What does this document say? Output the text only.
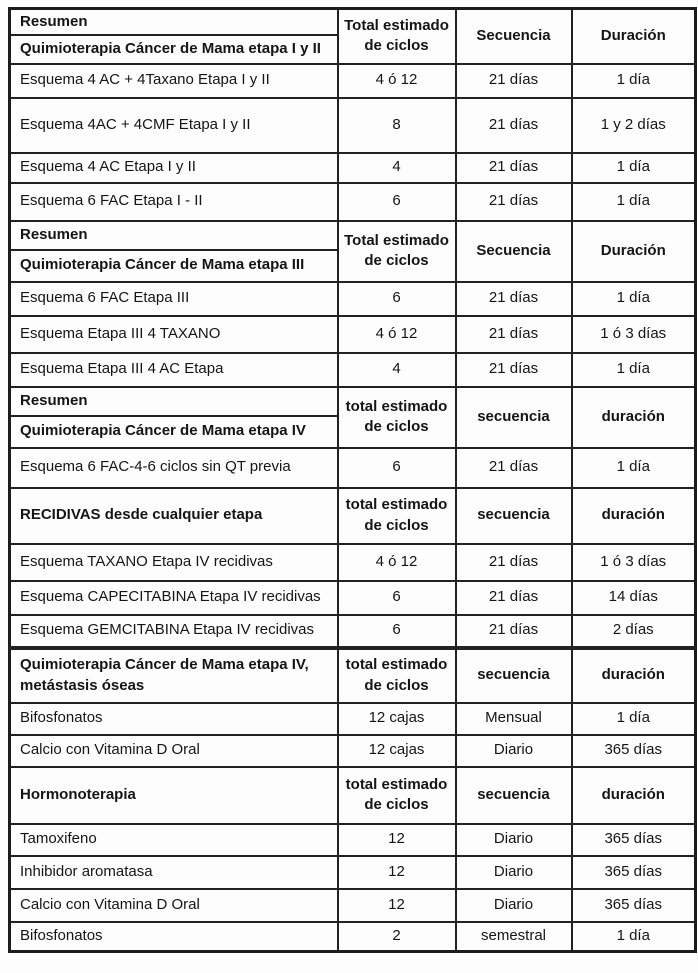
Resumen
Quimioterapia Cáncer de Mama etapa I y II	Total estimado de ciclos	Secuencia	Duración
Esquema 4 AC + 4Taxano Etapa I y II	4 ó 12	21 días	1 día
Esquema 4AC + 4CMF Etapa I y II	8	21 días	1 y 2 días
Esquema 4 AC Etapa I y II	4	21 días	1 día
Esquema 6 FAC Etapa I - II	6	21 días	1 día

Resumen
Quimioterapia Cáncer de Mama etapa III	Total estimado de ciclos	Secuencia	Duración
Esquema 6 FAC Etapa III	6	21 días	1 día
Esquema Etapa III 4 TAXANO	4 ó 12	21 días	1 ó 3 días
Esquema Etapa III 4 AC Etapa	4	21 días	1 día

Resumen
Quimioterapia Cáncer de Mama etapa IV	total estimado de ciclos	secuencia	duración
Esquema 6 FAC-4-6 ciclos sin QT previa	6	21 días	1 día
RECIDIVAS desde cualquier etapa	total estimado de ciclos	secuencia	duración
Esquema TAXANO Etapa IV recidivas	4 ó 12	21 días	1 ó 3 días
Esquema CAPECITABINA Etapa IV recidivas	6	21 días	14 días
Esquema GEMCITABINA Etapa IV recidivas	6	21 días	2 días
Quimioterapia Cáncer de Mama etapa IV, metástasis óseas	total estimado de ciclos	secuencia	duración
Bifosfonatos	12 cajas	Mensual	1 día
Calcio con Vitamina D Oral	12 cajas	Diario	365 días
Hormonoterapia	total estimado de ciclos	secuencia	duración
Tamoxifeno	12	Diario	365 días
Inhibidor aromatasa	12	Diario	365 días
Calcio con Vitamina D Oral	12	Diario	365 días
Bifosfonatos	2	semestral	1 día
